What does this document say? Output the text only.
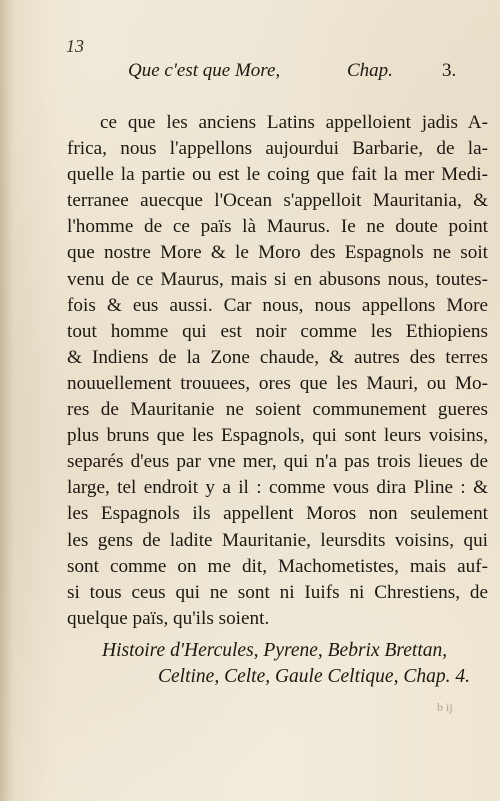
13
Que c'est que More,	Chap.	3.
ce que les anciens Latins appelloient jadis A-
frica, nous l'appellons aujourdui Barbarie, de la-
quelle la partie ou est le coing que fait la mer Medi-
terranee auecque l'Ocean s'appelloit Mauritania, &
l'homme de ce païs là Maurus. Ie ne doute point
que nostre More & le Moro des Espagnols ne soit
venu de ce Maurus, mais si en abusons nous, toutes-
fois & eus aussi. Car nous, nous appellons More
tout homme qui est noir comme les Ethiopiens
& Indiens de la Zone chaude, & autres des terres
nouuellement trouuees, ores que les Mauri, ou Mo-
res de Mauritanie ne soient communement gueres
plus bruns que les Espagnols, qui sont leurs voisins,
separés d'eus par vne mer, qui n'a pas trois lieues de
large, tel endroit y a il : comme vous dira Pline : &
les Espagnols ils appellent Moros non seulement
les gens de ladite Mauritanie, leursdits voisins, qui
sont comme on me dit, Machometistes, mais auf-
si tous ceus qui ne sont ni Iuifs ni Chrestiens, de
quelque païs, qu'ils soient.
Histoire d'Hercules, Pyrene, Bebrix Brettan,
Celtine, Celte, Gaule Celtique, Chap. 4.
b ij
